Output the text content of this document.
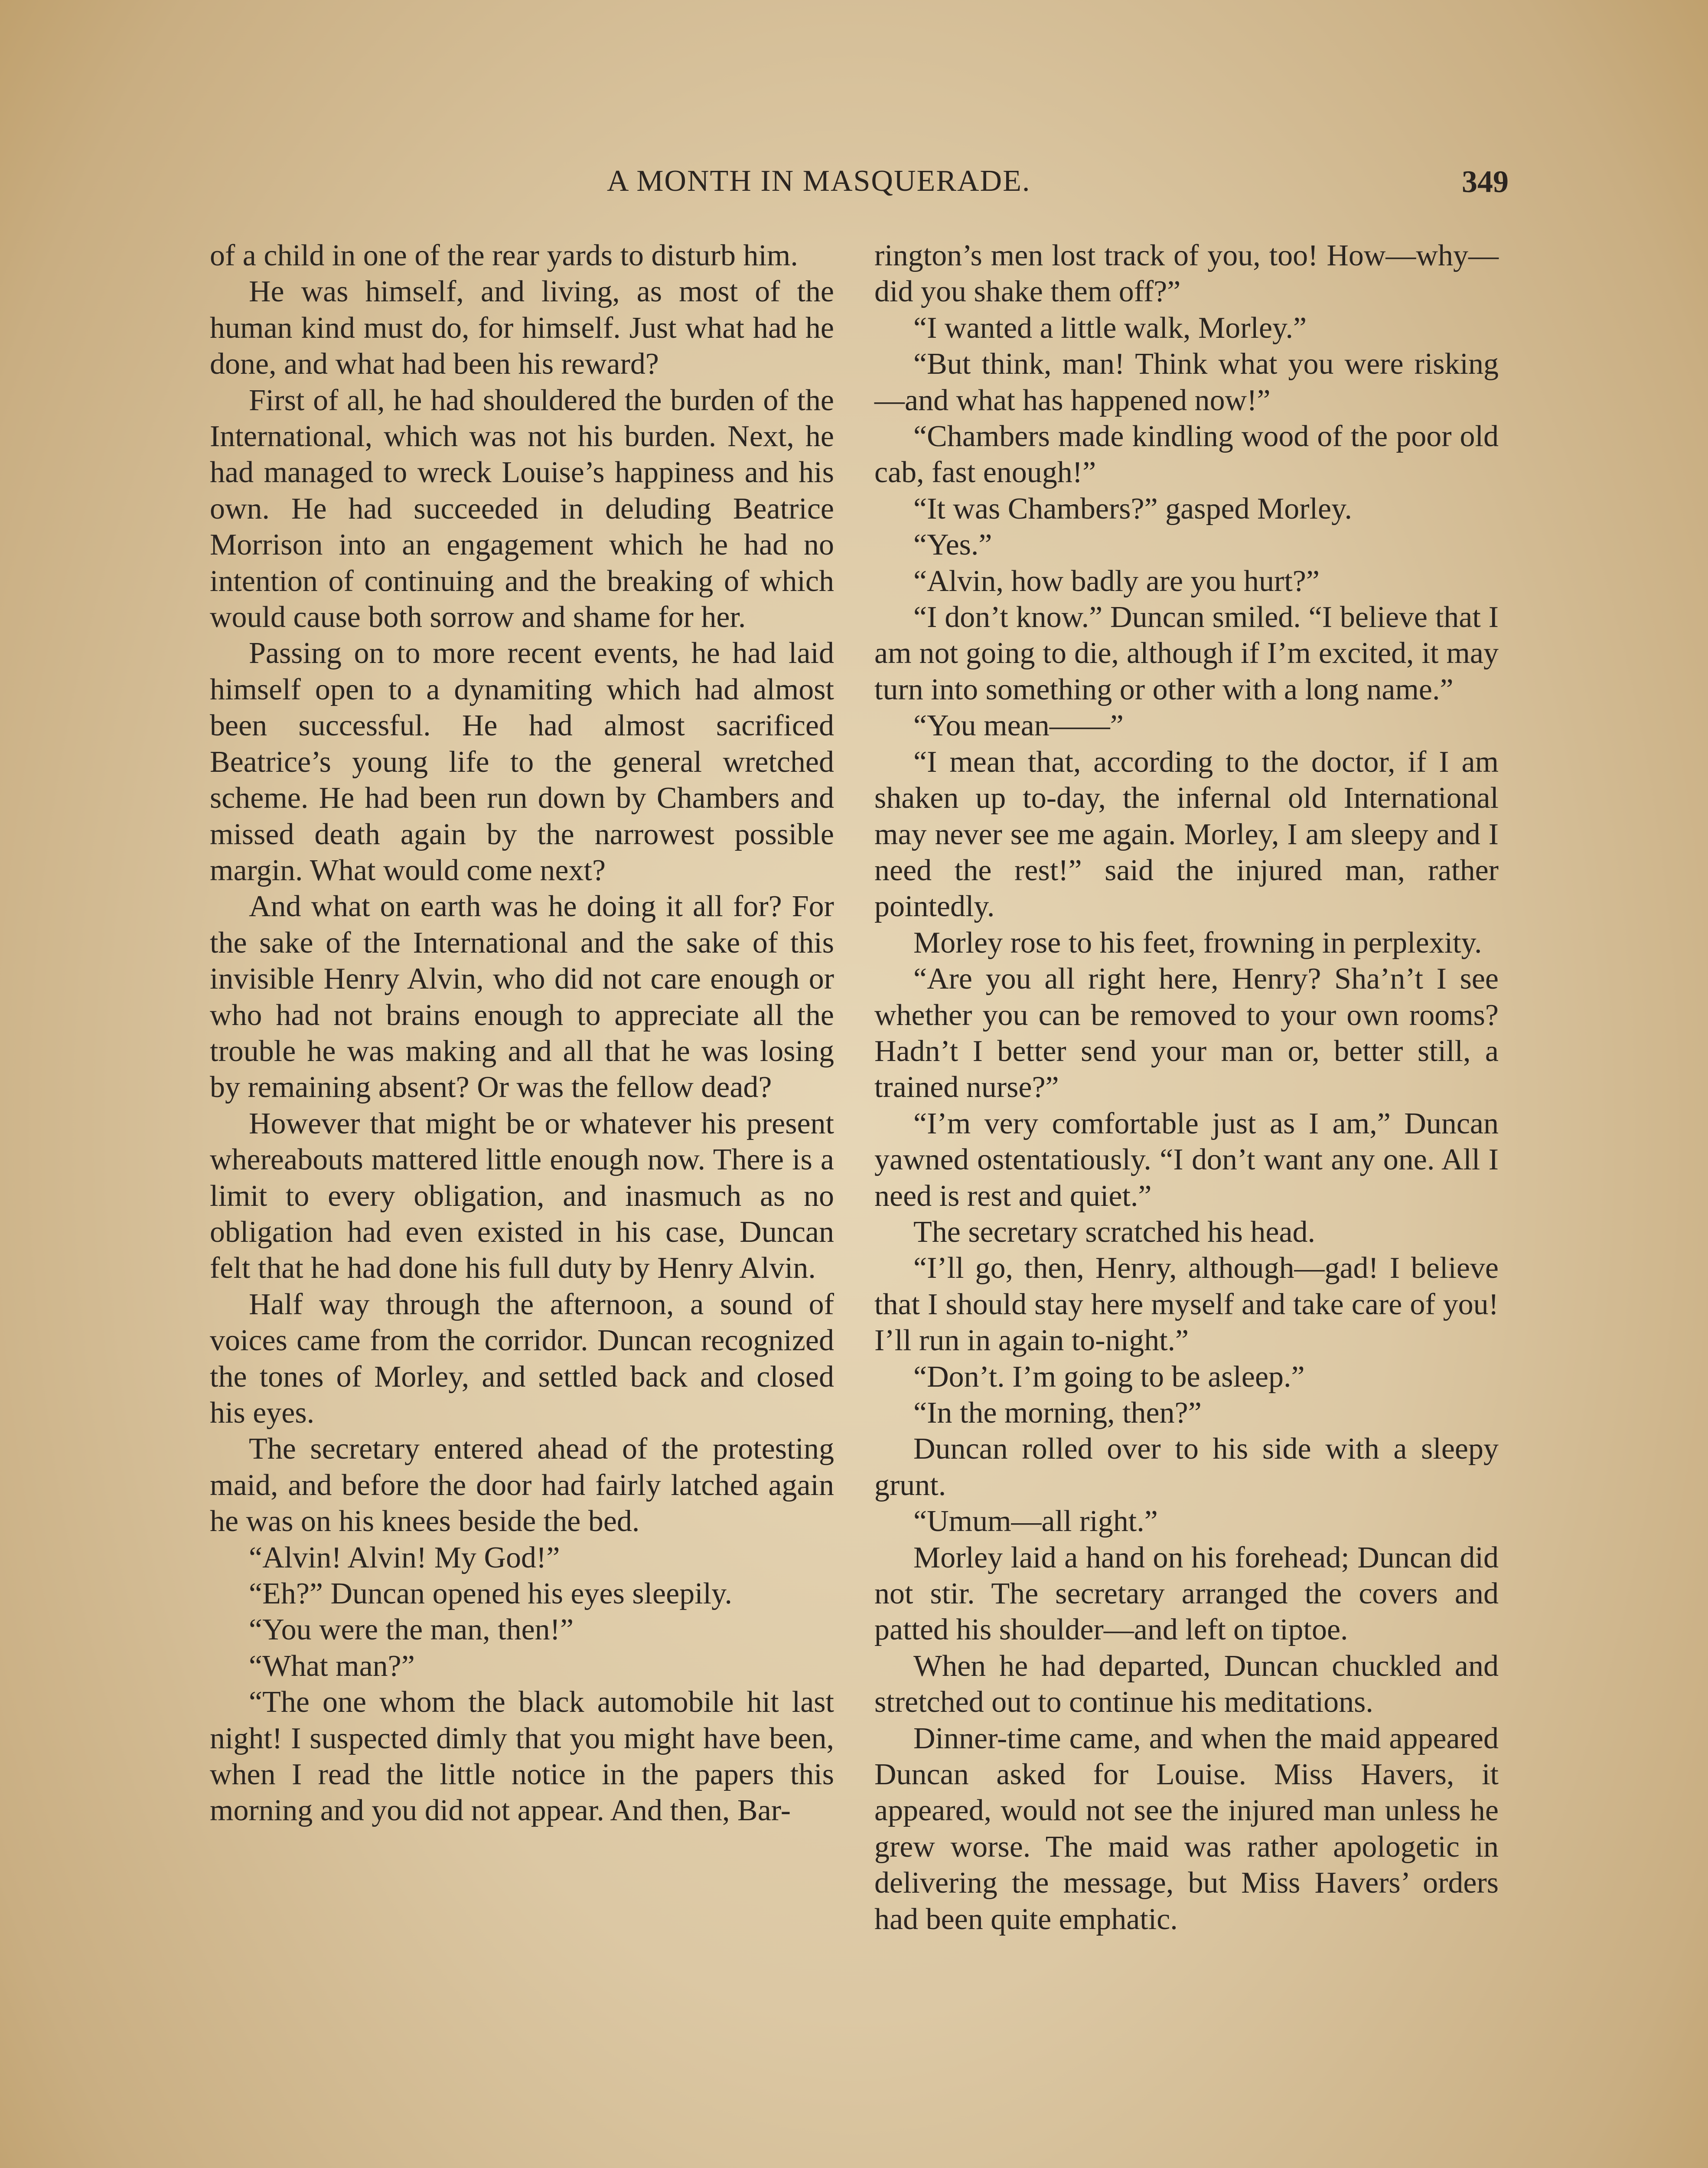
A MONTH IN MASQUERADE.	349

of a child in one of the rear yards to disturb him.

He was himself, and living, as most of the human kind must do, for himself. Just what had he done, and what had been his reward?

First of all, he had shouldered the burden of the International, which was not his burden. Next, he had managed to wreck Louise’s happiness and his own. He had succeeded in deluding Beatrice Morrison into an engagement which he had no intention of continuing and the breaking of which would cause both sorrow and shame for her.

Passing on to more recent events, he had laid himself open to a dynamiting which had almost been successful. He had almost sacrificed Beatrice’s young life to the general wretched scheme. He had been run down by Chambers and missed death again by the narrowest possible margin. What would come next?

And what on earth was he doing it all for? For the sake of the International and the sake of this invisible Henry Alvin, who did not care enough or who had not brains enough to appreciate all the trouble he was making and all that he was losing by remaining absent? Or was the fellow dead?

However that might be or whatever his present whereabouts mattered little enough now. There is a limit to every obligation, and inasmuch as no obligation had even existed in his case, Duncan felt that he had done his full duty by Henry Alvin.

Half way through the afternoon, a sound of voices came from the corridor. Duncan recognized the tones of Morley, and settled back and closed his eyes.

The secretary entered ahead of the protesting maid, and before the door had fairly latched again he was on his knees beside the bed.

“Alvin! Alvin! My God!”

“Eh?” Duncan opened his eyes sleepily.

“You were the man, then!”

“What man?”

“The one whom the black automobile hit last night! I suspected dimly that you might have been, when I read the little notice in the papers this morning and you did not appear. And then, Bar-

rington’s men lost track of you, too! How—why—did you shake them off?”

“I wanted a little walk, Morley.”

“But think, man! Think what you were risking—and what has happened now!”

“Chambers made kindling wood of the poor old cab, fast enough!”

“It was Chambers?” gasped Morley.

“Yes.”

“Alvin, how badly are you hurt?”

“I don’t know.” Duncan smiled. “I believe that I am not going to die, although if I’m excited, it may turn into something or other with a long name.”

“You mean——”

“I mean that, according to the doctor, if I am shaken up to-day, the infernal old International may never see me again. Morley, I am sleepy and I need the rest!” said the injured man, rather pointedly.

Morley rose to his feet, frowning in perplexity.

“Are you all right here, Henry? Sha’n’t I see whether you can be removed to your own rooms? Hadn’t I better send your man or, better still, a trained nurse?”

“I’m very comfortable just as I am,” Duncan yawned ostentatiously. “I don’t want any one. All I need is rest and quiet.”

The secretary scratched his head.

“I’ll go, then, Henry, although—gad! I believe that I should stay here myself and take care of you! I’ll run in again to-night.”

“Don’t. I’m going to be asleep.”

“In the morning, then?”

Duncan rolled over to his side with a sleepy grunt.

“Umum—all right.”

Morley laid a hand on his forehead; Duncan did not stir. The secretary arranged the covers and patted his shoulder—and left on tiptoe.

When he had departed, Duncan chuckled and stretched out to continue his meditations.

Dinner-time came, and when the maid appeared Duncan asked for Louise. Miss Havers, it appeared, would not see the injured man unless he grew worse. The maid was rather apologetic in delivering the message, but Miss Havers’ orders had been quite emphatic.
